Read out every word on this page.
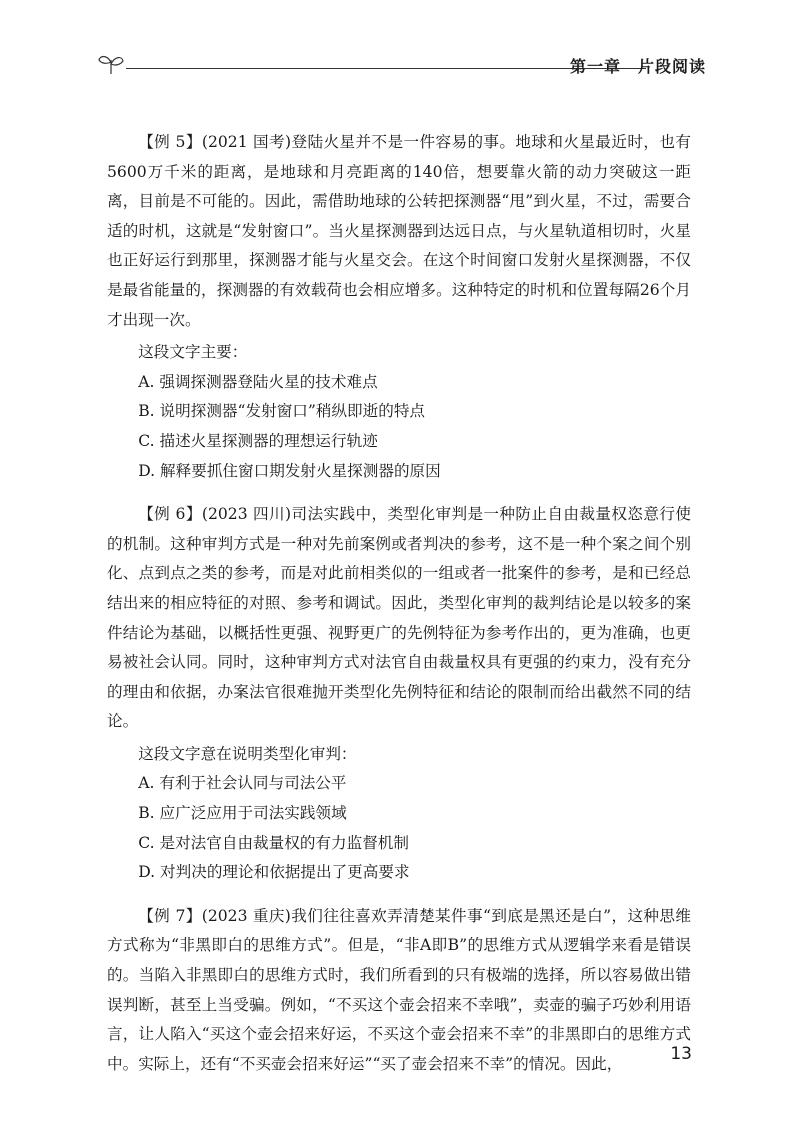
第一章　片段阅读

【例 5】(2021 国考)登陆火星并不是一件容易的事。地球和火星最近时，也有5600万千米的距离，是地球和月亮距离的140倍，想要靠火箭的动力突破这一距离，目前是不可能的。因此，需借助地球的公转把探测器“甩”到火星，不过，需要合适的时机，这就是“发射窗口”。当火星探测器到达远日点，与火星轨道相切时，火星也正好运行到那里，探测器才能与火星交会。在这个时间窗口发射火星探测器，不仅是最省能量的，探测器的有效载荷也会相应增多。这种特定的时机和位置每隔26个月才出现一次。

这段文字主要：

A. 强调探测器登陆火星的技术难点
B. 说明探测器“发射窗口”稍纵即逝的特点
C. 描述火星探测器的理想运行轨迹
D. 解释要抓住窗口期发射火星探测器的原因

【例 6】(2023 四川)司法实践中，类型化审判是一种防止自由裁量权恣意行使的机制。这种审判方式是一种对先前案例或者判决的参考，这不是一种个案之间个别化、点到点之类的参考，而是对此前相类似的一组或者一批案件的参考，是和已经总结出来的相应特征的对照、参考和调试。因此，类型化审判的裁判结论是以较多的案件结论为基础，以概括性更强、视野更广的先例特征为参考作出的，更为准确，也更易被社会认同。同时，这种审判方式对法官自由裁量权具有更强的约束力，没有充分的理由和依据，办案法官很难抛开类型化先例特征和结论的限制而给出截然不同的结论。

这段文字意在说明类型化审判：

A. 有利于社会认同与司法公平
B. 应广泛应用于司法实践领域
C. 是对法官自由裁量权的有力监督机制
D. 对判决的理论和依据提出了更高要求

【例 7】(2023 重庆)我们往往喜欢弄清楚某件事“到底是黑还是白”，这种思维方式称为“非黑即白的思维方式”。但是，“非A即B”的思维方式从逻辑学来看是错误的。当陷入非黑即白的思维方式时，我们所看到的只有极端的选择，所以容易做出错误判断，甚至上当受骗。例如，“不买这个壶会招来不幸哦”，卖壶的骗子巧妙利用语言，让人陷入“买这个壶会招来好运，不买这个壶会招来不幸”的非黑即白的思维方式中。实际上，还有“不买壶会招来好运”“买了壶会招来不幸”的情况。因此，	13
